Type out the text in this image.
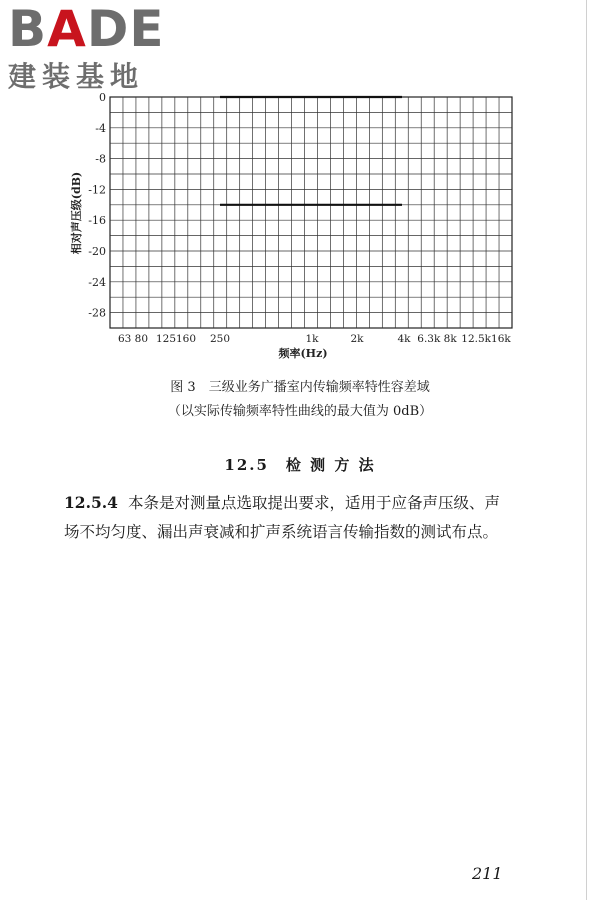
0
-4
-8
-12
-16
-20
-24
-28
63 80 125160 250	1k	2k	4k 6.3k 8k 12.5k16k
频率(Hz)
相对声压级(dB)
BADE
建装基地
图 3　三级业务广播室内传输频率特性容差域
（以实际传输频率特性曲线的最大值为 0dB）
12.5　检 测 方 法
12.5.4 本条是对测量点选取提出要求，适用于应备声压级、声
场不均匀度、漏出声衰减和扩声系统语言传输指数的测试布点。
211
